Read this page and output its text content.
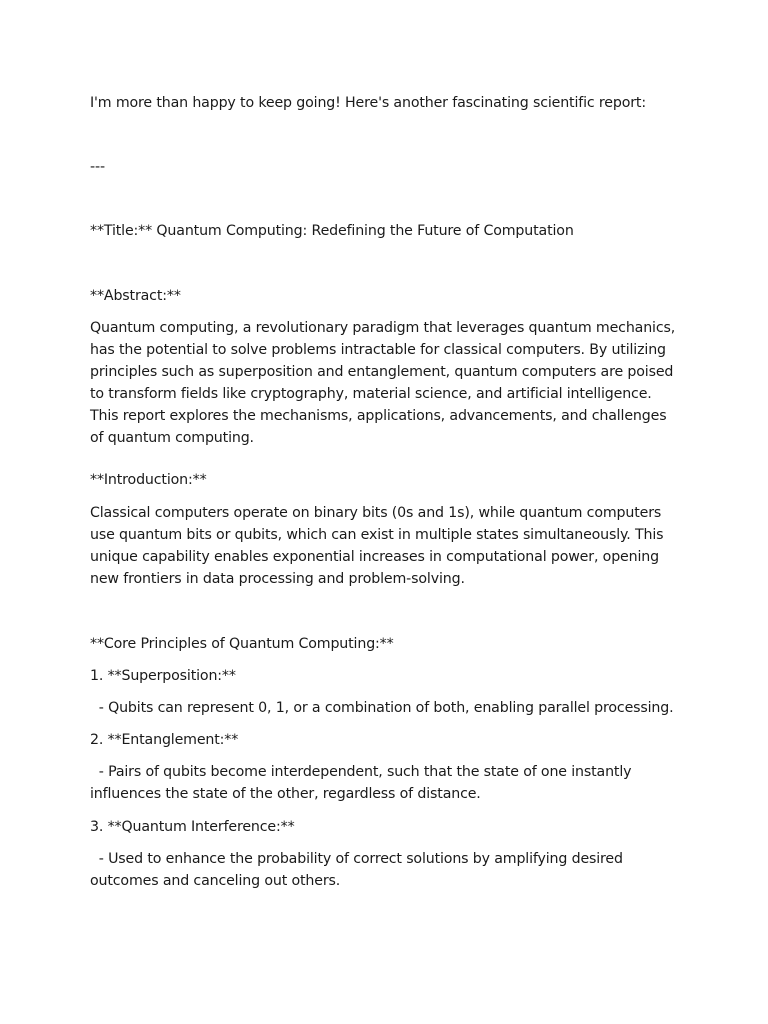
I'm more than happy to keep going! Here's another fascinating scientific report:
---
**Title:** Quantum Computing: Redefining the Future of Computation
**Abstract:**
Quantum computing, a revolutionary paradigm that leverages quantum mechanics, has the potential to solve problems intractable for classical computers. By utilizing principles such as superposition and entanglement, quantum computers are poised to transform fields like cryptography, material science, and artificial intelligence. This report explores the mechanisms, applications, advancements, and challenges of quantum computing.
**Introduction:**
Classical computers operate on binary bits (0s and 1s), while quantum computers use quantum bits or qubits, which can exist in multiple states simultaneously. This unique capability enables exponential increases in computational power, opening new frontiers in data processing and problem-solving.
**Core Principles of Quantum Computing:**
1. **Superposition:**
- Qubits can represent 0, 1, or a combination of both, enabling parallel processing.
2. **Entanglement:**
- Pairs of qubits become interdependent, such that the state of one instantly influences the state of the other, regardless of distance.
3. **Quantum Interference:**
- Used to enhance the probability of correct solutions by amplifying desired outcomes and canceling out others.
